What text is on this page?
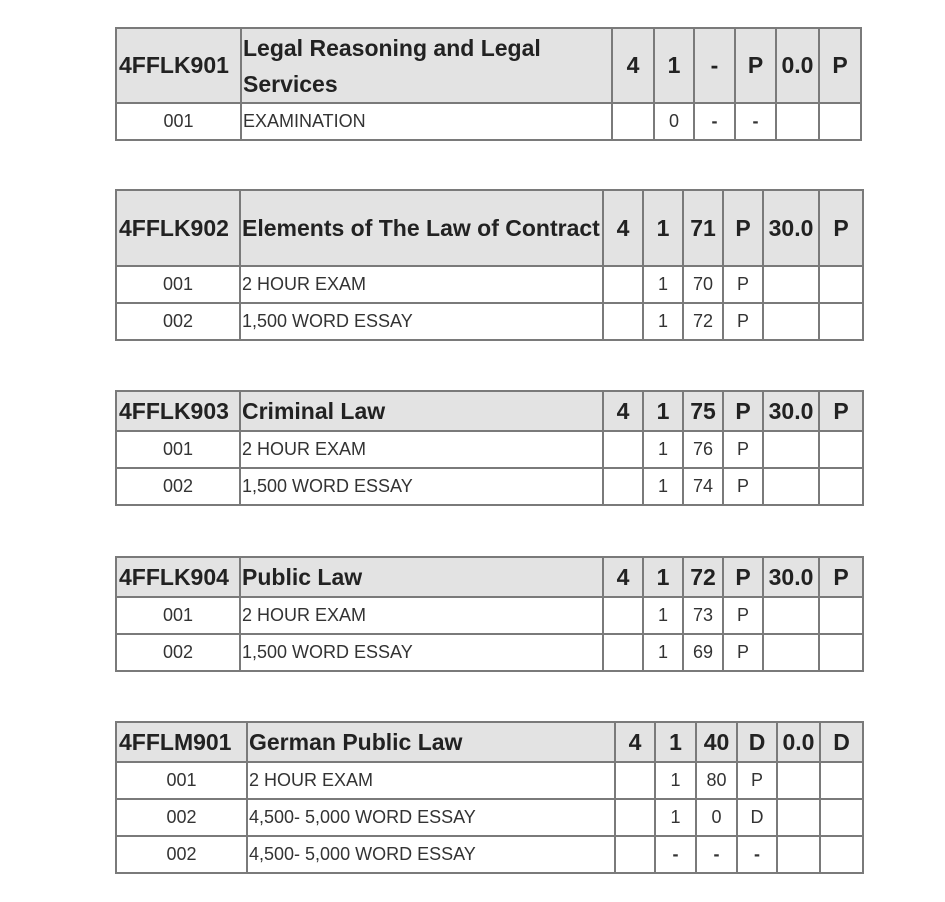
4FFLK901	Legal Reasoning and Legal Services	4	1	-	P	0.0	P
001	EXAMINATION		0	-	-		
4FFLK902	Elements of The Law of Contract	4	1	71	P	30.0	P
001	2 HOUR EXAM		1	70	P		
002	1,500 WORD ESSAY		1	72	P		
4FFLK903	Criminal Law	4	1	75	P	30.0	P
001	2 HOUR EXAM		1	76	P		
002	1,500 WORD ESSAY		1	74	P		
4FFLK904	Public Law	4	1	72	P	30.0	P
001	2 HOUR EXAM		1	73	P		
002	1,500 WORD ESSAY		1	69	P		
4FFLM901	German Public Law	4	1	40	D	0.0	D
001	2 HOUR EXAM		1	80	P		
002	4,500- 5,000 WORD ESSAY		1	0	D		
002	4,500- 5,000 WORD ESSAY		-	-	-		
